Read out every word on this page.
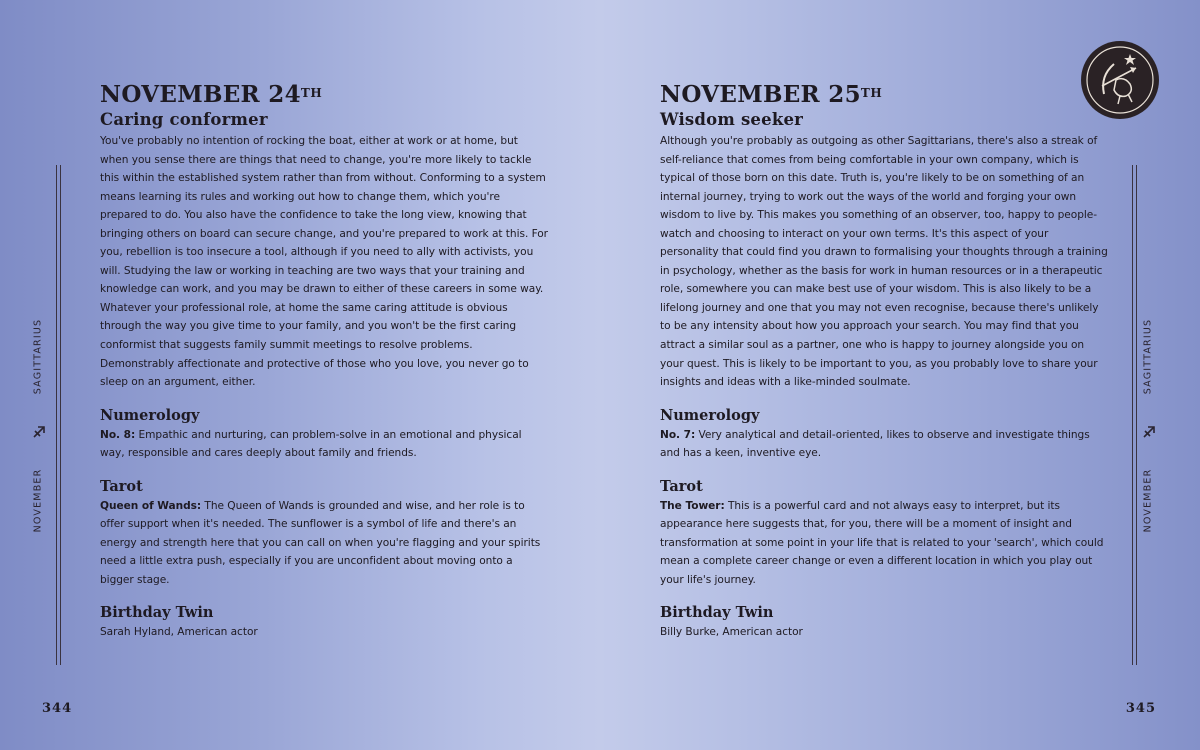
NOVEMBER 24TH
Caring conformer

You've probably no intention of rocking the boat, either at work or at home, but when you sense there are things that need to change, you're more likely to tackle this within the established system rather than from without. Conforming to a system means learning its rules and working out how to change them, which you're prepared to do. You also have the confidence to take the long view, knowing that bringing others on board can secure change, and you're prepared to work at this. For you, rebellion is too insecure a tool, although if you need to ally with activists, you will. Studying the law or working in teaching are two ways that your training and knowledge can work, and you may be drawn to either of these careers in some way. Whatever your professional role, at home the same caring attitude is obvious through the way you give time to your family, and you won't be the first caring conformist that suggests family summit meetings to resolve problems. Demonstrably affectionate and protective of those who you love, you never go to sleep on an argument, either.

Numerology

No. 8: Empathic and nurturing, can problem-solve in an emotional and physical way, responsible and cares deeply about family and friends.

Tarot

Queen of Wands: The Queen of Wands is grounded and wise, and her role is to offer support when it's needed. The sunflower is a symbol of life and there's an energy and strength here that you can call on when you're flagging and your spirits need a little extra push, especially if you are unconfident about moving onto a bigger stage.

Birthday Twin

Sarah Hyland, American actor

SAGITTARIUS
NOVEMBER
344
NOVEMBER 25TH
Wisdom seeker

Although you're probably as outgoing as other Sagittarians, there's also a streak of self-reliance that comes from being comfortable in your own company, which is typical of those born on this date. Truth is, you're likely to be on something of an internal journey, trying to work out the ways of the world and forging your own wisdom to live by. This makes you something of an observer, too, happy to people-watch and choosing to interact on your own terms. It's this aspect of your personality that could find you drawn to formalising your thoughts through a training in psychology, whether as the basis for work in human resources or in a therapeutic role, somewhere you can make best use of your wisdom. This is also likely to be a lifelong journey and one that you may not even recognise, because there's unlikely to be any intensity about how you approach your search. You may find that you attract a similar soul as a partner, one who is happy to journey alongside you on your quest. This is likely to be important to you, as you probably love to share your insights and ideas with a like-minded soulmate.

Numerology

No. 7: Very analytical and detail-oriented, likes to observe and investigate things and has a keen, inventive eye.

Tarot

The Tower: This is a powerful card and not always easy to interpret, but its appearance here suggests that, for you, there will be a moment of insight and transformation at some point in your life that is related to your 'search', which could mean a complete career change or even a different location in which you play out your life's journey.

Birthday Twin

Billy Burke, American actor

SAGITTARIUS
NOVEMBER
345
